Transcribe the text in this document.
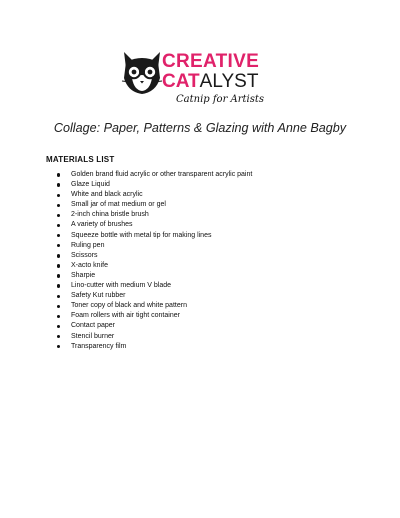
CREATIVE
CATALYST
Catnip for Artists
Collage: Paper, Patterns & Glazing with Anne Bagby
MATERIALS LIST
Golden brand fluid acrylic or other transparent acrylic paint
Glaze Liquid
White and black acrylic
Small jar of mat medium or gel
2-inch china bristle brush
A variety of brushes
Squeeze bottle with metal tip for making lines
Ruling pen
Scissors
X-acto knife
Sharpie
Lino-cutter with medium V blade
Safety Kut rubber
Toner copy of black and white pattern
Foam rollers with air tight container
Contact paper
Stencil burner
Transparency film
